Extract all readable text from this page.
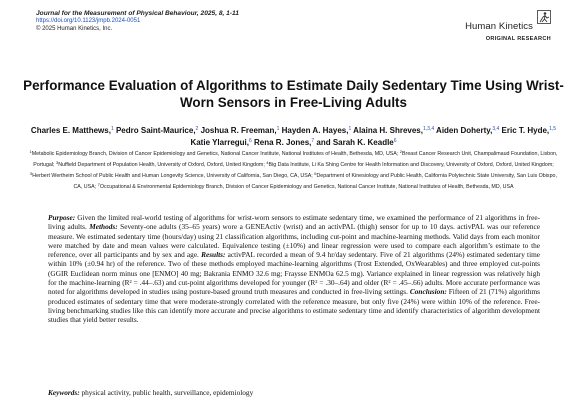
Journal for the Measurement of Physical Behaviour, 2025, 8, 1-11
https://doi.org/10.1123/jmpb.2024-0051
© 2025 Human Kinetics, Inc.	Human Kinetics
ORIGINAL RESEARCH
Performance Evaluation of Algorithms to Estimate Daily Sedentary Time Using Wrist-Worn Sensors in Free-Living Adults
Charles E. Matthews,$^1$ Pedro Saint-Maurice,$^2$ Joshua R. Freeman,$^1$ Hayden A. Hayes,$^1$ Alaina H. Shreves,$^{1,3,4}$ Aiden Doherty,$^{3,4}$ Eric T. Hyde,$^{1,5}$ Katie Ylarregui,$^6$ Rena R. Jones,$^7$ and Sarah K. Keadle$^6$
$^1$Metabolic Epidemiology Branch, Division of Cancer Epidemiology and Genetics, National Cancer Institute, National Institutes of Health, Bethesda, MD, USA; $^2$Breast Cancer Research Unit, Champalimaud Foundation, Lisbon, Portugal; $^3$Nuffield Department of Population Health, University of Oxford, Oxford, United Kingdom; $^4$Big Data Institute, Li Ka Shing Centre for Health Information and Discovery, University of Oxford, Oxford, United Kingdom; $^5$Herbert Wertheim School of Public Health and Human Longevity Science, University of California, San Diego, CA, USA; $^6$Department of Kinesiology and Public Health, California Polytechnic State University, San Luis Obispo, CA, USA; $^7$Occupational & Environmental Epidemiology Branch, Division of Cancer Epidemiology and Genetics, National Cancer Institute, National Institutes of Health, Bethesda, MD, USA
Purpose: Given the limited real-world testing of algorithms for wrist-worn sensors to estimate sedentary time, we examined the performance of 21 algorithms in free-living adults. Methods: Seventy-one adults (35–65 years) wore a GENEActiv (wrist) and an activPAL (thigh) sensor for up to 10 days. activPAL was our reference measure. We estimated sedentary time (hours/day) using 21 classification algorithms, including cut-point and machine-learning methods. Valid days from each monitor were matched by date and mean values were calculated. Equivalence testing (±10%) and linear regression were used to compare each algorithm’s estimate to the reference, over all participants and by sex and age. Results: activPAL recorded a mean of 9.4 hr/day sedentary. Five of 21 algorithms (24%) estimated sedentary time within 10% (±0.94 hr) of the reference. Two of these methods employed machine-learning algorithms (Trost Extended, OxWearables) and three employed cut-points (GGIR Euclidean norm minus one [ENMO] 40 mg; Bakrania ENMO 32.6 mg; Fraysse ENMOa 62.5 mg). Variance explained in linear regression was relatively high for the machine-learning (R² = .44–.63) and cut-point algorithms developed for younger (R² = .30–.64) and older (R² = .45–.66) adults. More accurate performance was noted for algorithms developed in studies using posture-based ground truth measures and conducted in free-living settings. Conclusion: Fifteen of 21 (71%) algorithms produced estimates of sedentary time that were moderate-strongly correlated with the reference measure, but only five (24%) were within 10% of the reference. Free-living benchmarking studies like this can identify more accurate and precise algorithms to estimate sedentary time and identify characteristics of algorithm development studies that yield better results.
Keywords: physical activity, public health, surveillance, epidemiology
